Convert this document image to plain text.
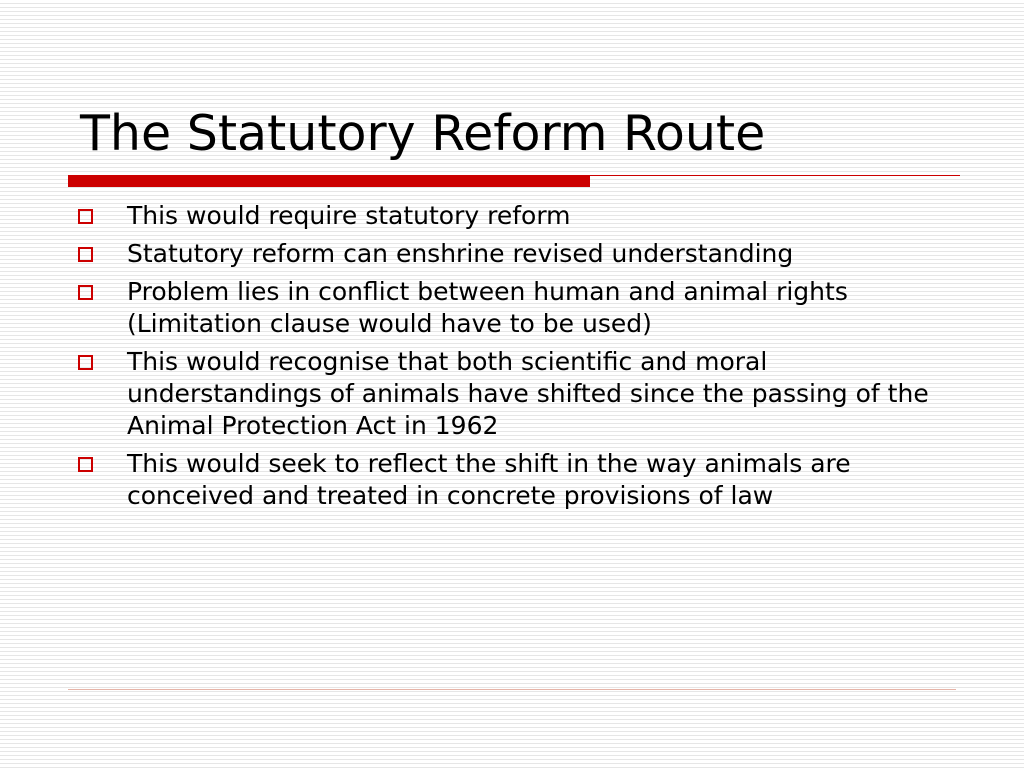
The Statutory Reform Route
This would require statutory reform
Statutory reform can enshrine revised understanding
Problem lies in conflict between human and animal rights (Limitation clause would have to be used)
This would recognise that both scientific and moral understandings of animals have shifted since the passing of the Animal Protection Act in 1962
This would seek to reflect the shift in the way animals are conceived and treated in concrete provisions of law
